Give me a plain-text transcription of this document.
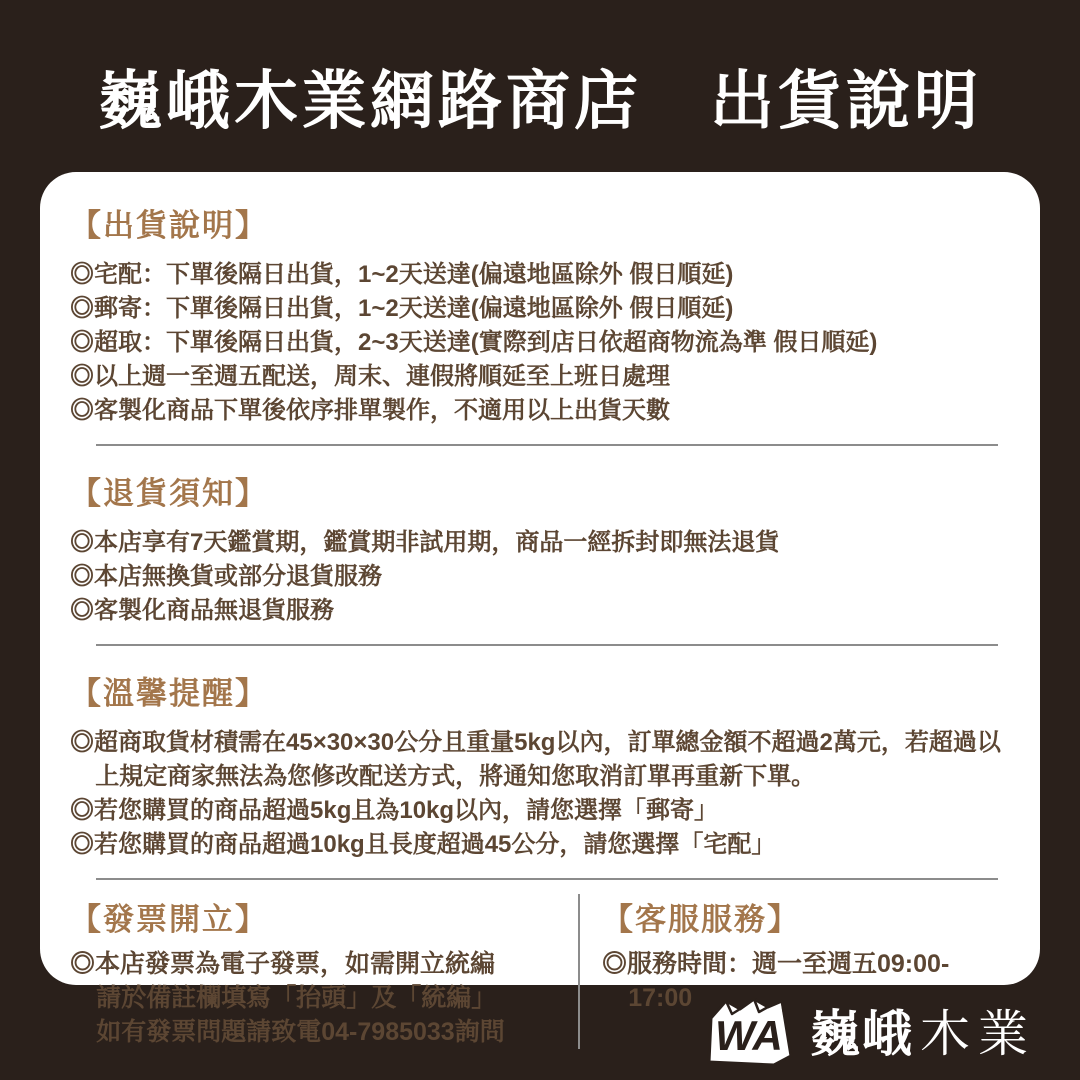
巍峨木業網路商店　出貨說明
【出貨說明】
◎宅配：下單後隔日出貨，1~2天送達(偏遠地區除外 假日順延)
◎郵寄：下單後隔日出貨，1~2天送達(偏遠地區除外 假日順延)
◎超取：下單後隔日出貨，2~3天送達(實際到店日依超商物流為準 假日順延)
◎以上週一至週五配送，周末、連假將順延至上班日處理
◎客製化商品下單後依序排單製作，不適用以上出貨天數
【退貨須知】
◎本店享有7天鑑賞期，鑑賞期非試用期，商品一經拆封即無法退貨
◎本店無換貨或部分退貨服務
◎客製化商品無退貨服務
【溫馨提醒】
◎超商取貨材積需在45×30×30公分且重量5kg以內，訂單總金額不超過2萬元，若超過以上規定商家無法為您修改配送方式，將通知您取消訂單再重新下單。
◎若您購買的商品超過5kg且為10kg以內，請您選擇「郵寄」
◎若您購買的商品超過10kg且長度超過45公分，請您選擇「宅配」
【發票開立】
◎本店發票為電子發票，如需開立統編
請於備註欄填寫「抬頭」及「統編」
如有發票問題請致電04-7985033詢問
【客服服務】
◎服務時間：週一至週五09:00-17:00
WA 巍峨 木業
